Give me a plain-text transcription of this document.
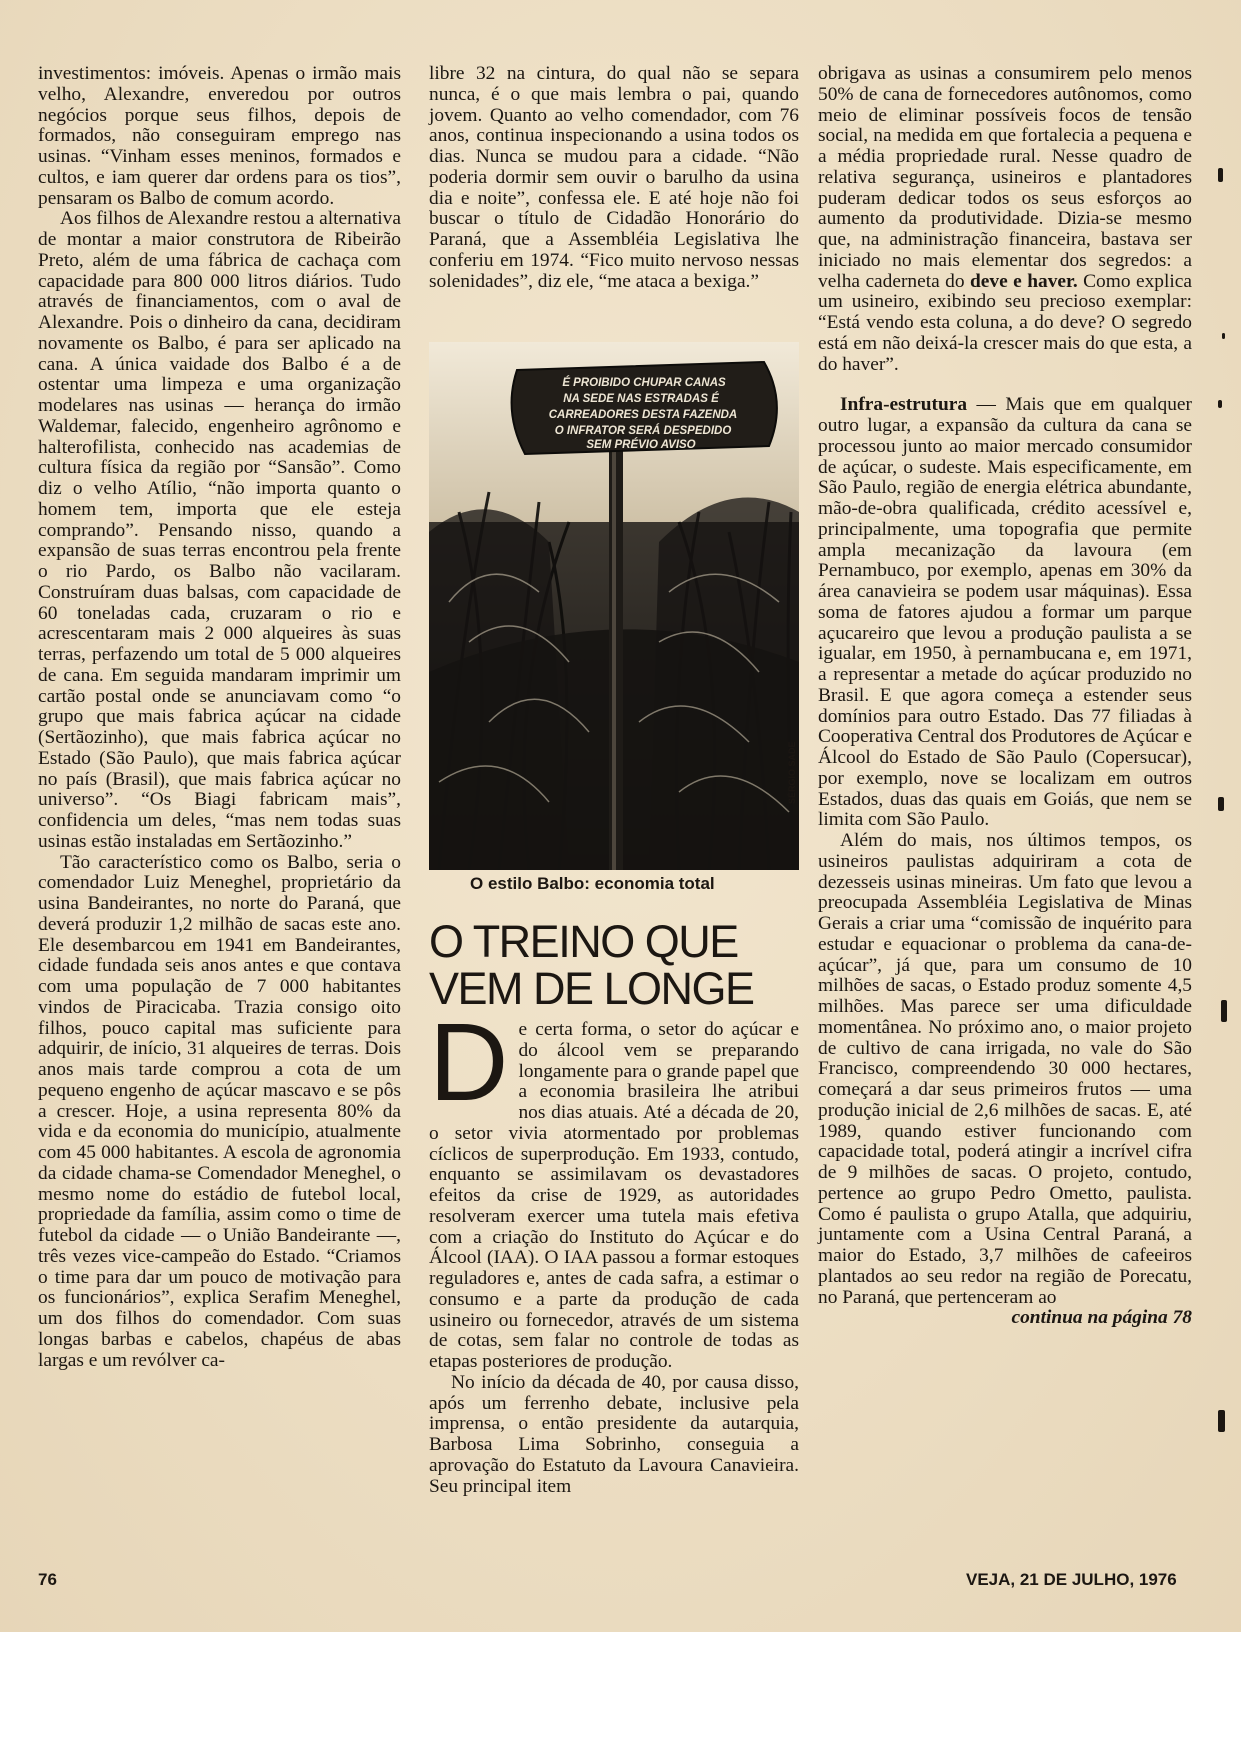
investimentos: imóveis. Apenas o irmão mais velho, Alexandre, enveredou por outros negócios porque seus filhos, depois de formados, não conseguiram emprego nas usinas. “Vinham esses meninos, formados e cultos, e iam querer dar ordens para os tios”, pensaram os Balbo de comum acordo.

Aos filhos de Alexandre restou a alternativa de montar a maior construtora de Ribeirão Preto, além de uma fábrica de cachaça com capacidade para 800 000 litros diários. Tudo através de financiamentos, com o aval de Alexandre. Pois o dinheiro da cana, decidiram novamente os Balbo, é para ser aplicado na cana. A única vaidade dos Balbo é a de ostentar uma limpeza e uma organização modelares nas usinas — herança do irmão Waldemar, falecido, engenheiro agrônomo e halterofilista, conhecido nas academias de cultura física da região por “Sansão”. Como diz o velho Atílio, “não importa quanto o homem tem, importa que ele esteja comprando”. Pensando nisso, quando a expansão de suas terras encontrou pela frente o rio Pardo, os Balbo não vacilaram. Construíram duas balsas, com capacidade de 60 toneladas cada, cruzaram o rio e acrescentaram mais 2 000 alqueires às suas terras, perfazendo um total de 5 000 alqueires de cana. Em seguida mandaram imprimir um cartão postal onde se anunciavam como “o grupo que mais fabrica açúcar na cidade (Sertãozinho), que mais fabrica açúcar no Estado (São Paulo), que mais fabrica açúcar no país (Brasil), que mais fabrica açúcar no universo”. “Os Biagi fabricam mais”, confidencia um deles, “mas nem todas suas usinas estão instaladas em Sertãozinho.”

Tão característico como os Balbo, seria o comendador Luiz Meneghel, proprietário da usina Bandeirantes, no norte do Paraná, que deverá produzir 1,2 milhão de sacas este ano. Ele desembarcou em 1941 em Bandeirantes, cidade fundada seis anos antes e que contava com uma população de 7 000 habitantes vindos de Piracicaba. Trazia consigo oito filhos, pouco capital mas suficiente para adquirir, de início, 31 alqueires de terras. Dois anos mais tarde comprou a cota de um pequeno engenho de açúcar mascavo e se pôs a crescer. Hoje, a usina representa 80% da vida e da economia do município, atualmente com 45 000 habitantes. A escola de agronomia da cidade chama-se Comendador Meneghel, o mesmo nome do estádio de futebol local, propriedade da família, assim como o time de futebol da cidade — o União Bandeirante —, três vezes vice-campeão do Estado. “Criamos o time para dar um pouco de motivação para os funcionários”, explica Serafim Meneghel, um dos filhos do comendador. Com suas longas barbas e cabelos, chapéus de abas largas e um revólver ca-

libre 32 na cintura, do qual não se separa nunca, é o que mais lembra o pai, quando jovem. Quanto ao velho comendador, com 76 anos, continua inspecionando a usina todos os dias. Nunca se mudou para a cidade. “Não poderia dormir sem ouvir o barulho da usina dia e noite”, confessa ele. E até hoje não foi buscar o título de Cidadão Honorário do Paraná, que a Assembléia Legislativa lhe conferiu em 1974. “Fico muito nervoso nessas solenidades”, diz ele, “me ataca a bexiga.”

É PROIBIDO CHUPAR CANAS
NA SEDE NAS ESTRADAS É
CARREADORES DESTA FAZENDA
O INFRATOR SERÁ DESPEDIDO
SEM PRÉVIO AVISO
SÉRGIO SADE
O estilo Balbo: economia total
O TREINO QUE VEM DE LONGE

De certa forma, o setor do açúcar e do álcool vem se preparando longamente para o grande papel que a economia brasileira lhe atribui nos dias atuais. Até a década de 20, o setor vivia atormentado por problemas cíclicos de superprodução. Em 1933, contudo, enquanto se assimilavam os devastadores efeitos da crise de 1929, as autoridades resolveram exercer uma tutela mais efetiva com a criação do Instituto do Açúcar e do Álcool (IAA). O IAA passou a formar estoques reguladores e, antes de cada safra, a estimar o consumo e a parte da produção de cada usineiro ou fornecedor, através de um sistema de cotas, sem falar no controle de todas as etapas posteriores de produção.

No início da década de 40, por causa disso, após um ferrenho debate, inclusive pela imprensa, o então presidente da autarquia, Barbosa Lima Sobrinho, conseguia a aprovação do Estatuto da Lavoura Canavieira. Seu principal item

obrigava as usinas a consumirem pelo menos 50% de cana de fornecedores autônomos, como meio de eliminar possíveis focos de tensão social, na medida em que fortalecia a pequena e a média propriedade rural. Nesse quadro de relativa segurança, usineiros e plantadores puderam dedicar todos os seus esforços ao aumento da produtividade. Dizia-se mesmo que, na administração financeira, bastava ser iniciado no mais elementar dos segredos: a velha caderneta do deve e haver. Como explica um usineiro, exibindo seu precioso exemplar: “Está vendo esta coluna, a do deve? O segredo está em não deixá-la crescer mais do que esta, a do haver”.

Infra-estrutura — Mais que em qualquer outro lugar, a expansão da cultura da cana se processou junto ao maior mercado consumidor de açúcar, o sudeste. Mais especificamente, em São Paulo, região de energia elétrica abundante, mão-de-obra qualificada, crédito acessível e, principalmente, uma topografia que permite ampla mecanização da lavoura (em Pernambuco, por exemplo, apenas em 30% da área canavieira se podem usar máquinas). Essa soma de fatores ajudou a formar um parque açucareiro que levou a produção paulista a se igualar, em 1950, à pernambucana e, em 1971, a representar a metade do açúcar produzido no Brasil. E que agora começa a estender seus domínios para outro Estado. Das 77 filiadas à Cooperativa Central dos Produtores de Açúcar e Álcool do Estado de São Paulo (Copersucar), por exemplo, nove se localizam em outros Estados, duas das quais em Goiás, que nem se limita com São Paulo.

Além do mais, nos últimos tempos, os usineiros paulistas adquiriram a cota de dezesseis usinas mineiras. Um fato que levou a preocupada Assembléia Legislativa de Minas Gerais a criar uma “comissão de inquérito para estudar e equacionar o problema da cana-de-açúcar”, já que, para um consumo de 10 milhões de sacas, o Estado produz somente 4,5 milhões. Mas parece ser uma dificuldade momentânea. No próximo ano, o maior projeto de cultivo de cana irrigada, no vale do São Francisco, compreendendo 30 000 hectares, começará a dar seus primeiros frutos — uma produção inicial de 2,6 milhões de sacas. E, até 1989, quando estiver funcionando com capacidade total, poderá atingir a incrível cifra de 9 milhões de sacas. O projeto, contudo, pertence ao grupo Pedro Ometto, paulista. Como é paulista o grupo Atalla, que adquiriu, juntamente com a Usina Central Paraná, a maior do Estado, 3,7 milhões de cafeeiros plantados ao seu redor na região de Porecatu, no Paraná, que pertenceram ao

continua na página 78

76	VEJA, 21 DE JULHO, 1976
